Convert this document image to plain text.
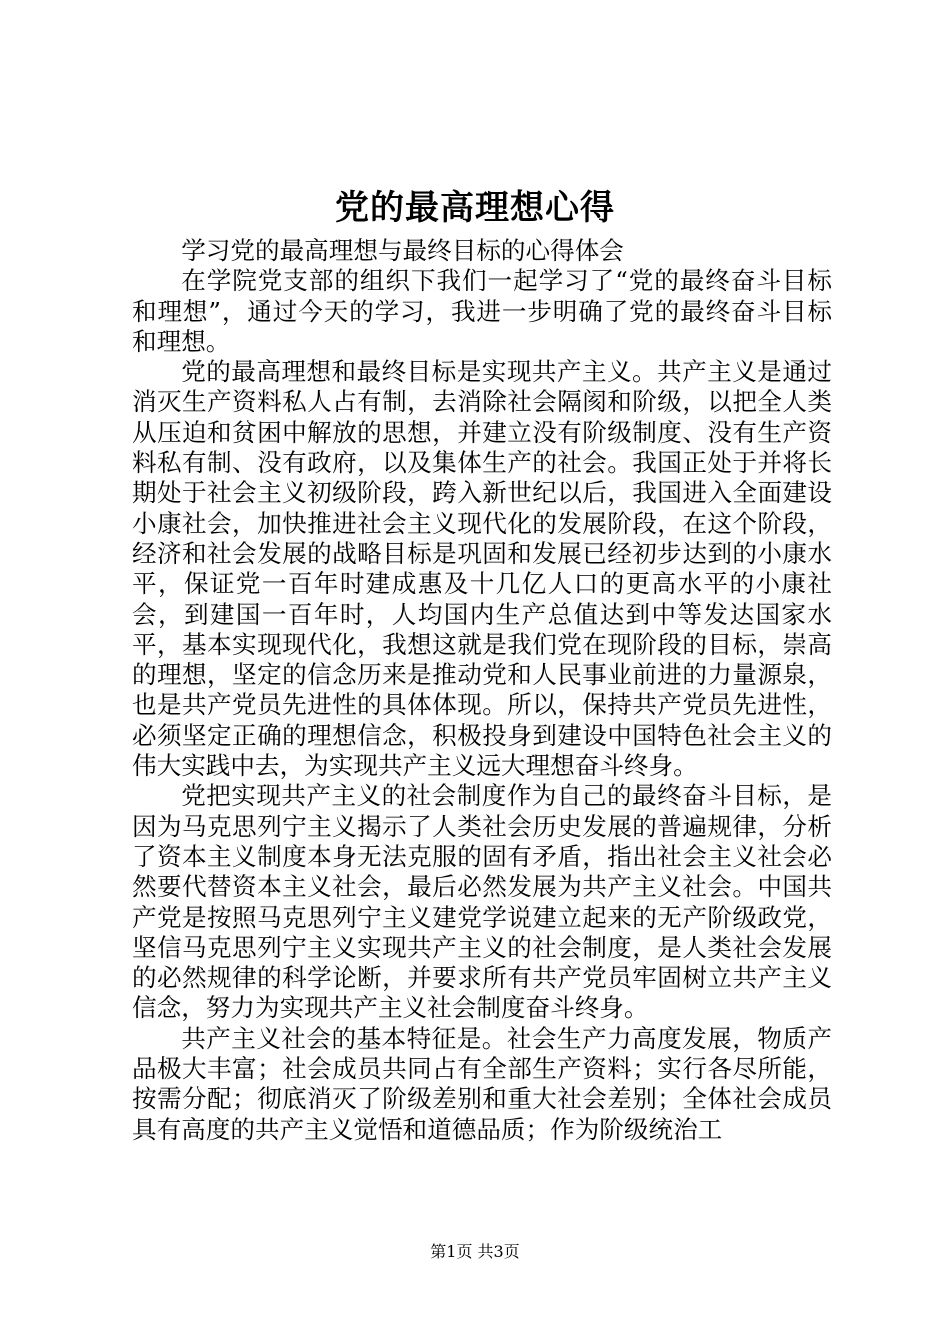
党的最高理想心得

学习党的最高理想与最终目标的心得体会

在学院党支部的组织下我们一起学习了“党的最终奋斗目标和理想”，通过今天的学习，我进一步明确了党的最终奋斗目标和理想。

党的最高理想和最终目标是实现共产主义。共产主义是通过消灭生产资料私人占有制，去消除社会隔阂和阶级，以把全人类从压迫和贫困中解放的思想，并建立没有阶级制度、没有生产资料私有制、没有政府，以及集体生产的社会。我国正处于并将长期处于社会主义初级阶段，跨入新世纪以后，我国进入全面建设小康社会，加快推进社会主义现代化的发展阶段，在这个阶段，经济和社会发展的战略目标是巩固和发展已经初步达到的小康水平，保证党一百年时建成惠及十几亿人口的更高水平的小康社会，到建国一百年时，人均国内生产总值达到中等发达国家水平，基本实现现代化，我想这就是我们党在现阶段的目标，崇高的理想，坚定的信念历来是推动党和人民事业前进的力量源泉，也是共产党员先进性的具体体现。所以，保持共产党员先进性，必须坚定正确的理想信念，积极投身到建设中国特色社会主义的伟大实践中去，为实现共产主义远大理想奋斗终身。

党把实现共产主义的社会制度作为自己的最终奋斗目标，是因为马克思列宁主义揭示了人类社会历史发展的普遍规律，分析了资本主义制度本身无法克服的固有矛盾，指出社会主义社会必然要代替资本主义社会，最后必然发展为共产主义社会。中国共产党是按照马克思列宁主义建党学说建立起来的无产阶级政党，坚信马克思列宁主义实现共产主义的社会制度，是人类社会发展的必然规律的科学论断，并要求所有共产党员牢固树立共产主义信念，努力为实现共产主义社会制度奋斗终身。

共产主义社会的基本特征是。社会生产力高度发展，物质产品极大丰富；社会成员共同占有全部生产资料；实行各尽所能，按需分配；彻底消灭了阶级差别和重大社会差别；全体社会成员具有高度的共产主义觉悟和道德品质；作为阶级统治工

第1页 共3页
